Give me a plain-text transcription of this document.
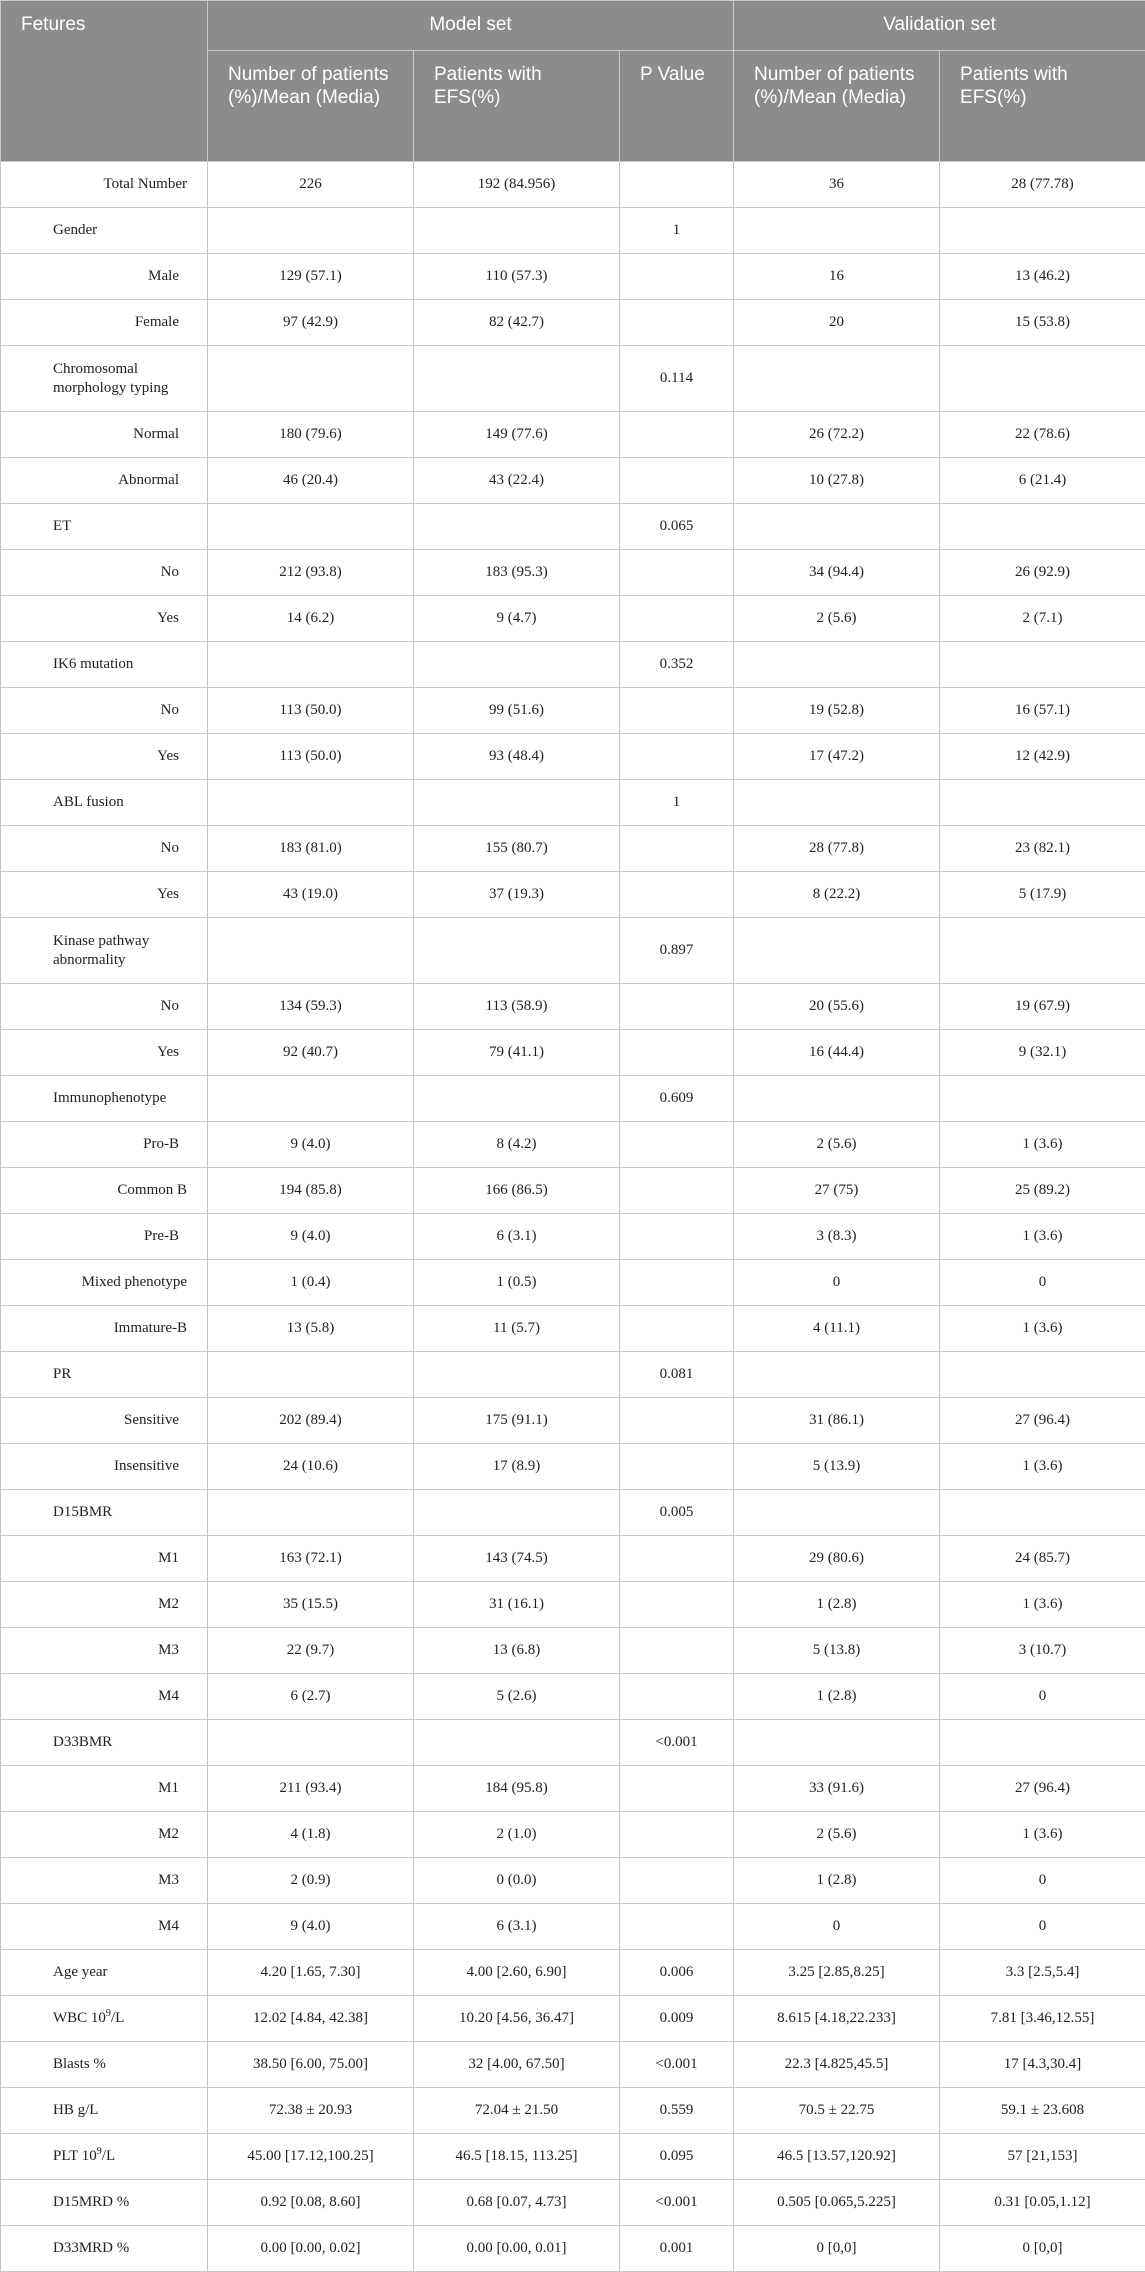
Fetures	Model set			Validation set	
	Number of patients (%)/Mean (Media)	Patients with EFS(%)	P Value	Number of patients (%)/Mean (Media)	Patients with EFS(%)
Total Number	226	192 (84.956)		36	28 (77.78)
Gender			1		
Male	129 (57.1)	110 (57.3)		16	13 (46.2)
Female	97 (42.9)	82 (42.7)		20	15 (53.8)
Chromosomal morphology typing			0.114		
Normal	180 (79.6)	149 (77.6)		26 (72.2)	22 (78.6)
Abnormal	46 (20.4)	43 (22.4)		10 (27.8)	6 (21.4)
ET			0.065		
No	212 (93.8)	183 (95.3)		34 (94.4)	26 (92.9)
Yes	14 (6.2)	9 (4.7)		2 (5.6)	2 (7.1)
IK6 mutation			0.352		
No	113 (50.0)	99 (51.6)		19 (52.8)	16 (57.1)
Yes	113 (50.0)	93 (48.4)		17 (47.2)	12 (42.9)
ABL fusion			1		
No	183 (81.0)	155 (80.7)		28 (77.8)	23 (82.1)
Yes	43 (19.0)	37 (19.3)		8 (22.2)	5 (17.9)
Kinase pathway abnormality			0.897		
No	134 (59.3)	113 (58.9)		20 (55.6)	19 (67.9)
Yes	92 (40.7)	79 (41.1)		16 (44.4)	9 (32.1)
Immunophenotype			0.609		
Pro-B	9 (4.0)	8 (4.2)		2 (5.6)	1 (3.6)
Common B	194 (85.8)	166 (86.5)		27 (75)	25 (89.2)
Pre-B	9 (4.0)	6 (3.1)		3 (8.3)	1 (3.6)
Mixed phenotype	1 (0.4)	1 (0.5)		0	0
Immature-B	13 (5.8)	11 (5.7)		4 (11.1)	1 (3.6)
PR			0.081		
Sensitive	202 (89.4)	175 (91.1)		31 (86.1)	27 (96.4)
Insensitive	24 (10.6)	17 (8.9)		5 (13.9)	1 (3.6)
D15BMR			0.005		
M1	163 (72.1)	143 (74.5)		29 (80.6)	24 (85.7)
M2	35 (15.5)	31 (16.1)		1 (2.8)	1 (3.6)
M3	22 (9.7)	13 (6.8)		5 (13.8)	3 (10.7)
M4	6 (2.7)	5 (2.6)		1 (2.8)	0
D33BMR			<0.001		
M1	211 (93.4)	184 (95.8)		33 (91.6)	27 (96.4)
M2	4 (1.8)	2 (1.0)		2 (5.6)	1 (3.6)
M3	2 (0.9)	0 (0.0)		1 (2.8)	0
M4	9 (4.0)	6 (3.1)		0	0
Age year	4.20 [1.65, 7.30]	4.00 [2.60, 6.90]	0.006	3.25 [2.85,8.25]	3.3 [2.5,5.4]
WBC $10^9/L$	12.02 [4.84, 42.38]	10.20 [4.56, 36.47]	0.009	8.615 [4.18,22.233]	7.81 [3.46,12.55]
Blasts %	38.50 [6.00, 75.00]	32 [4.00, 67.50]	<0.001	22.3 [4.825,45.5]	17 [4.3,30.4]
HB g/L	72.38 ± 20.93	72.04 ± 21.50	0.559	70.5 ± 22.75	59.1 ± 23.608
PLT $10^9/L$	45.00 [17.12,100.25]	46.5 [18.15, 113.25]	0.095	46.5 [13.57,120.92]	57 [21,153]
D15MRD %	0.92 [0.08, 8.60]	0.68 [0.07, 4.73]	<0.001	0.505 [0.065,5.225]	0.31 [0.05,1.12]
D33MRD %	0.00 [0.00, 0.02]	0.00 [0.00, 0.01]	0.001	0 [0,0]	0 [0,0]
